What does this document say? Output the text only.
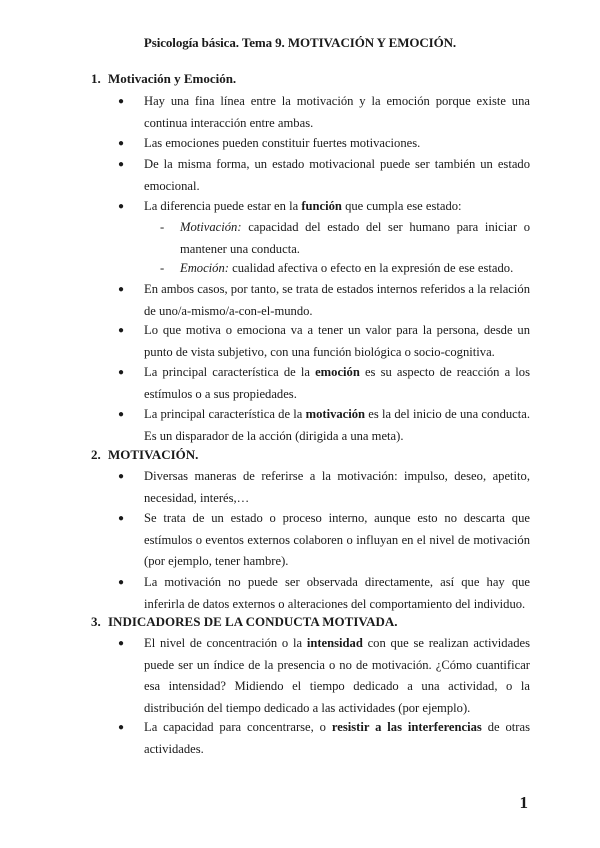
Psicología básica. Tema 9. MOTIVACIÓN Y EMOCIÓN.
1. Motivación y Emoción.
● Hay una fina línea entre la motivación y la emoción porque existe una continua interacción entre ambas.
● Las emociones pueden constituir fuertes motivaciones.
● De la misma forma, un estado motivacional puede ser también un estado emocional.
● La diferencia puede estar en la función que cumpla ese estado:
- Motivación: capacidad del estado del ser humano para iniciar o mantener una conducta.
- Emoción: cualidad afectiva o efecto en la expresión de ese estado.
● En ambos casos, por tanto, se trata de estados internos referidos a la relación de uno/a-mismo/a-con-el-mundo.
● Lo que motiva o emociona va a tener un valor para la persona, desde un punto de vista subjetivo, con una función biológica o socio-cognitiva.
● La principal característica de la emoción es su aspecto de reacción a los estímulos o a sus propiedades.
● La principal característica de la motivación es la del inicio de una conducta. Es un disparador de la acción (dirigida a una meta).
2. MOTIVACIÓN.
● Diversas maneras de referirse a la motivación: impulso, deseo, apetito, necesidad, interés,…
● Se trata de un estado o proceso interno, aunque esto no descarta que estímulos o eventos externos colaboren o influyan en el nivel de motivación (por ejemplo, tener hambre).
● La motivación no puede ser observada directamente, así que hay que inferirla de datos externos o alteraciones del comportamiento del individuo.
3. INDICADORES DE LA CONDUCTA MOTIVADA.
● El nivel de concentración o la intensidad con que se realizan actividades puede ser un índice de la presencia o no de motivación. ¿Cómo cuantificar esa intensidad? Midiendo el tiempo dedicado a una actividad, o la distribución del tiempo dedicado a las actividades (por ejemplo).
● La capacidad para concentrarse, o resistir a las interferencias de otras actividades.
1
